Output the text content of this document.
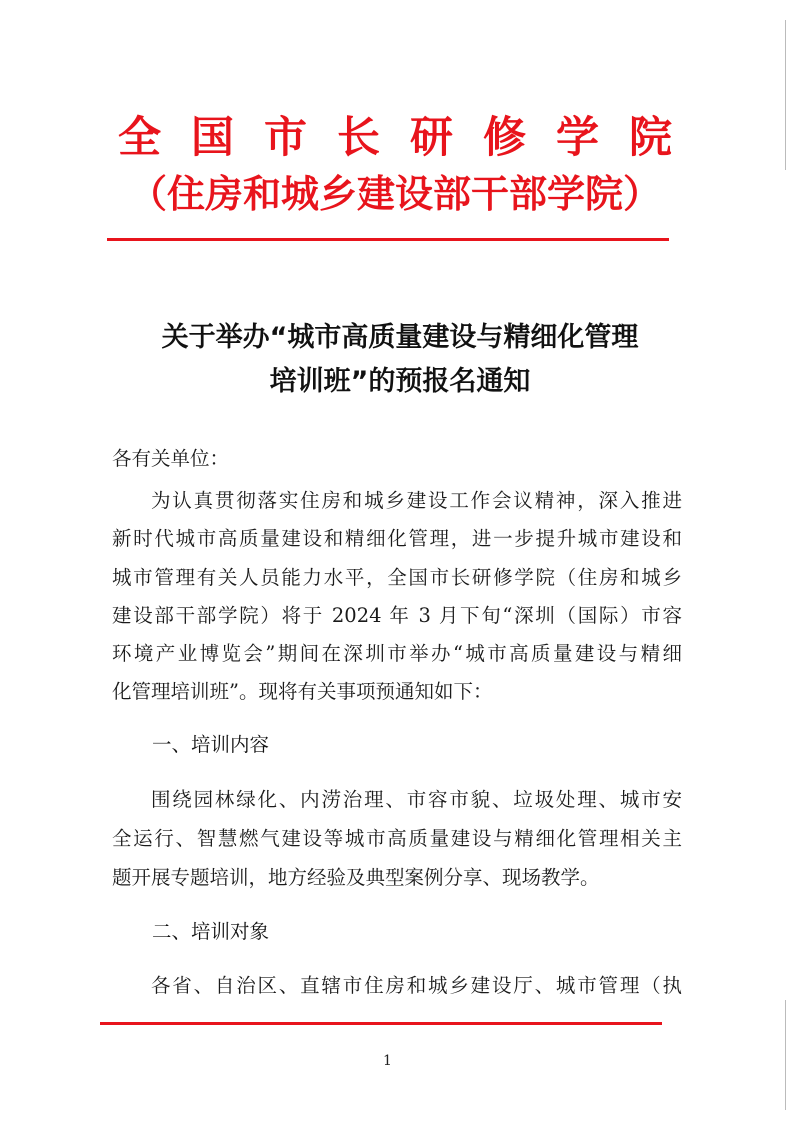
全国市长研修学院
（住房和城乡建设部干部学院）
关于举办“城市高质量建设与精细化管理
培训班”的预报名通知
各有关单位：
为认真贯彻落实住房和城乡建设工作会议精神，深入推进
新时代城市高质量建设和精细化管理，进一步提升城市建设和
城市管理有关人员能力水平，全国市长研修学院（住房和城乡
建设部干部学院）将于 2024 年 3 月下旬“深圳（国际）市容
环境产业博览会”期间在深圳市举办“城市高质量建设与精细
化管理培训班”。现将有关事项预通知如下：
一、培训内容
围绕园林绿化、内涝治理、市容市貌、垃圾处理、城市安
全运行、智慧燃气建设等城市高质量建设与精细化管理相关主
题开展专题培训，地方经验及典型案例分享、现场教学。
二、培训对象
各省、自治区、直辖市住房和城乡建设厅、城市管理（执
1
